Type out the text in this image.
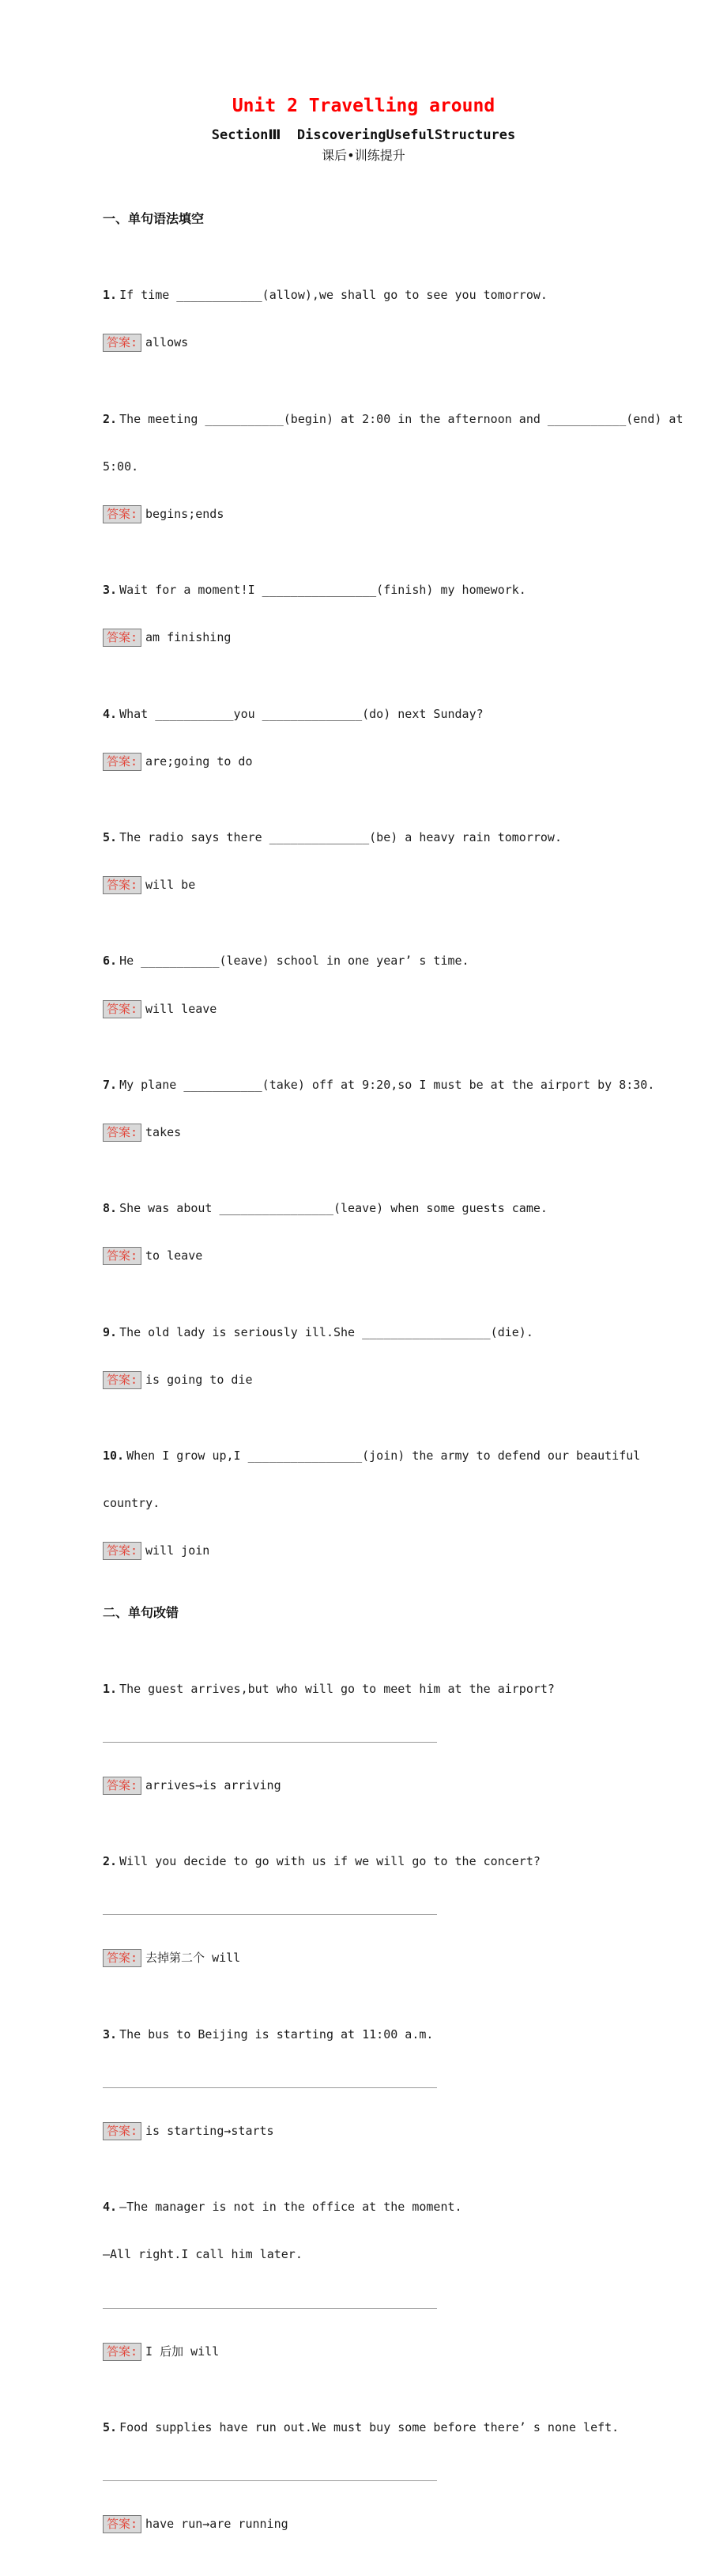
Unit 2 Travelling around
SectionⅢ  DiscoveringUsefulStructures
课后•训练提升

一、单句语法填空

1. If time ____________(allow),we shall go to see you tomorrow.

答案: allows

2. The meeting ___________(begin) at 2:00 in the afternoon and ___________(end) at

5:00.

答案: begins;ends

3. Wait for a moment!I ________________(finish) my homework.

答案: am finishing

4. What ___________you ______________(do) next Sunday?

答案: are;going to do

5. The radio says there ______________(be) a heavy rain tomorrow.

答案: will be

6. He ___________(leave) school in one year’ s time.

答案: will leave

7. My plane ___________(take) off at 9:20,so I must be at the airport by 8:30.

答案: takes

8. She was about ________________(leave) when some guests came.

答案: to leave

9. The old lady is seriously ill.She __________________(die).

答案: is going to die

10. When I grow up,I ________________(join) the army to defend our beautiful

country.

答案: will join

二、单句改错

1. The guest arrives,but who will go to meet him at the airport?

答案: arrives→is arriving

2. Will you decide to go with us if we will go to the concert?

答案: 去掉第二个 will

3. The bus to Beijing is starting at 11:00 a.m.

答案: is starting→starts

4. —The manager is not in the office at the moment.

—All right.I call him later.

答案: I 后加 will

5. Food supplies have run out.We must buy some before there’ s none left.

答案: have run→are running
